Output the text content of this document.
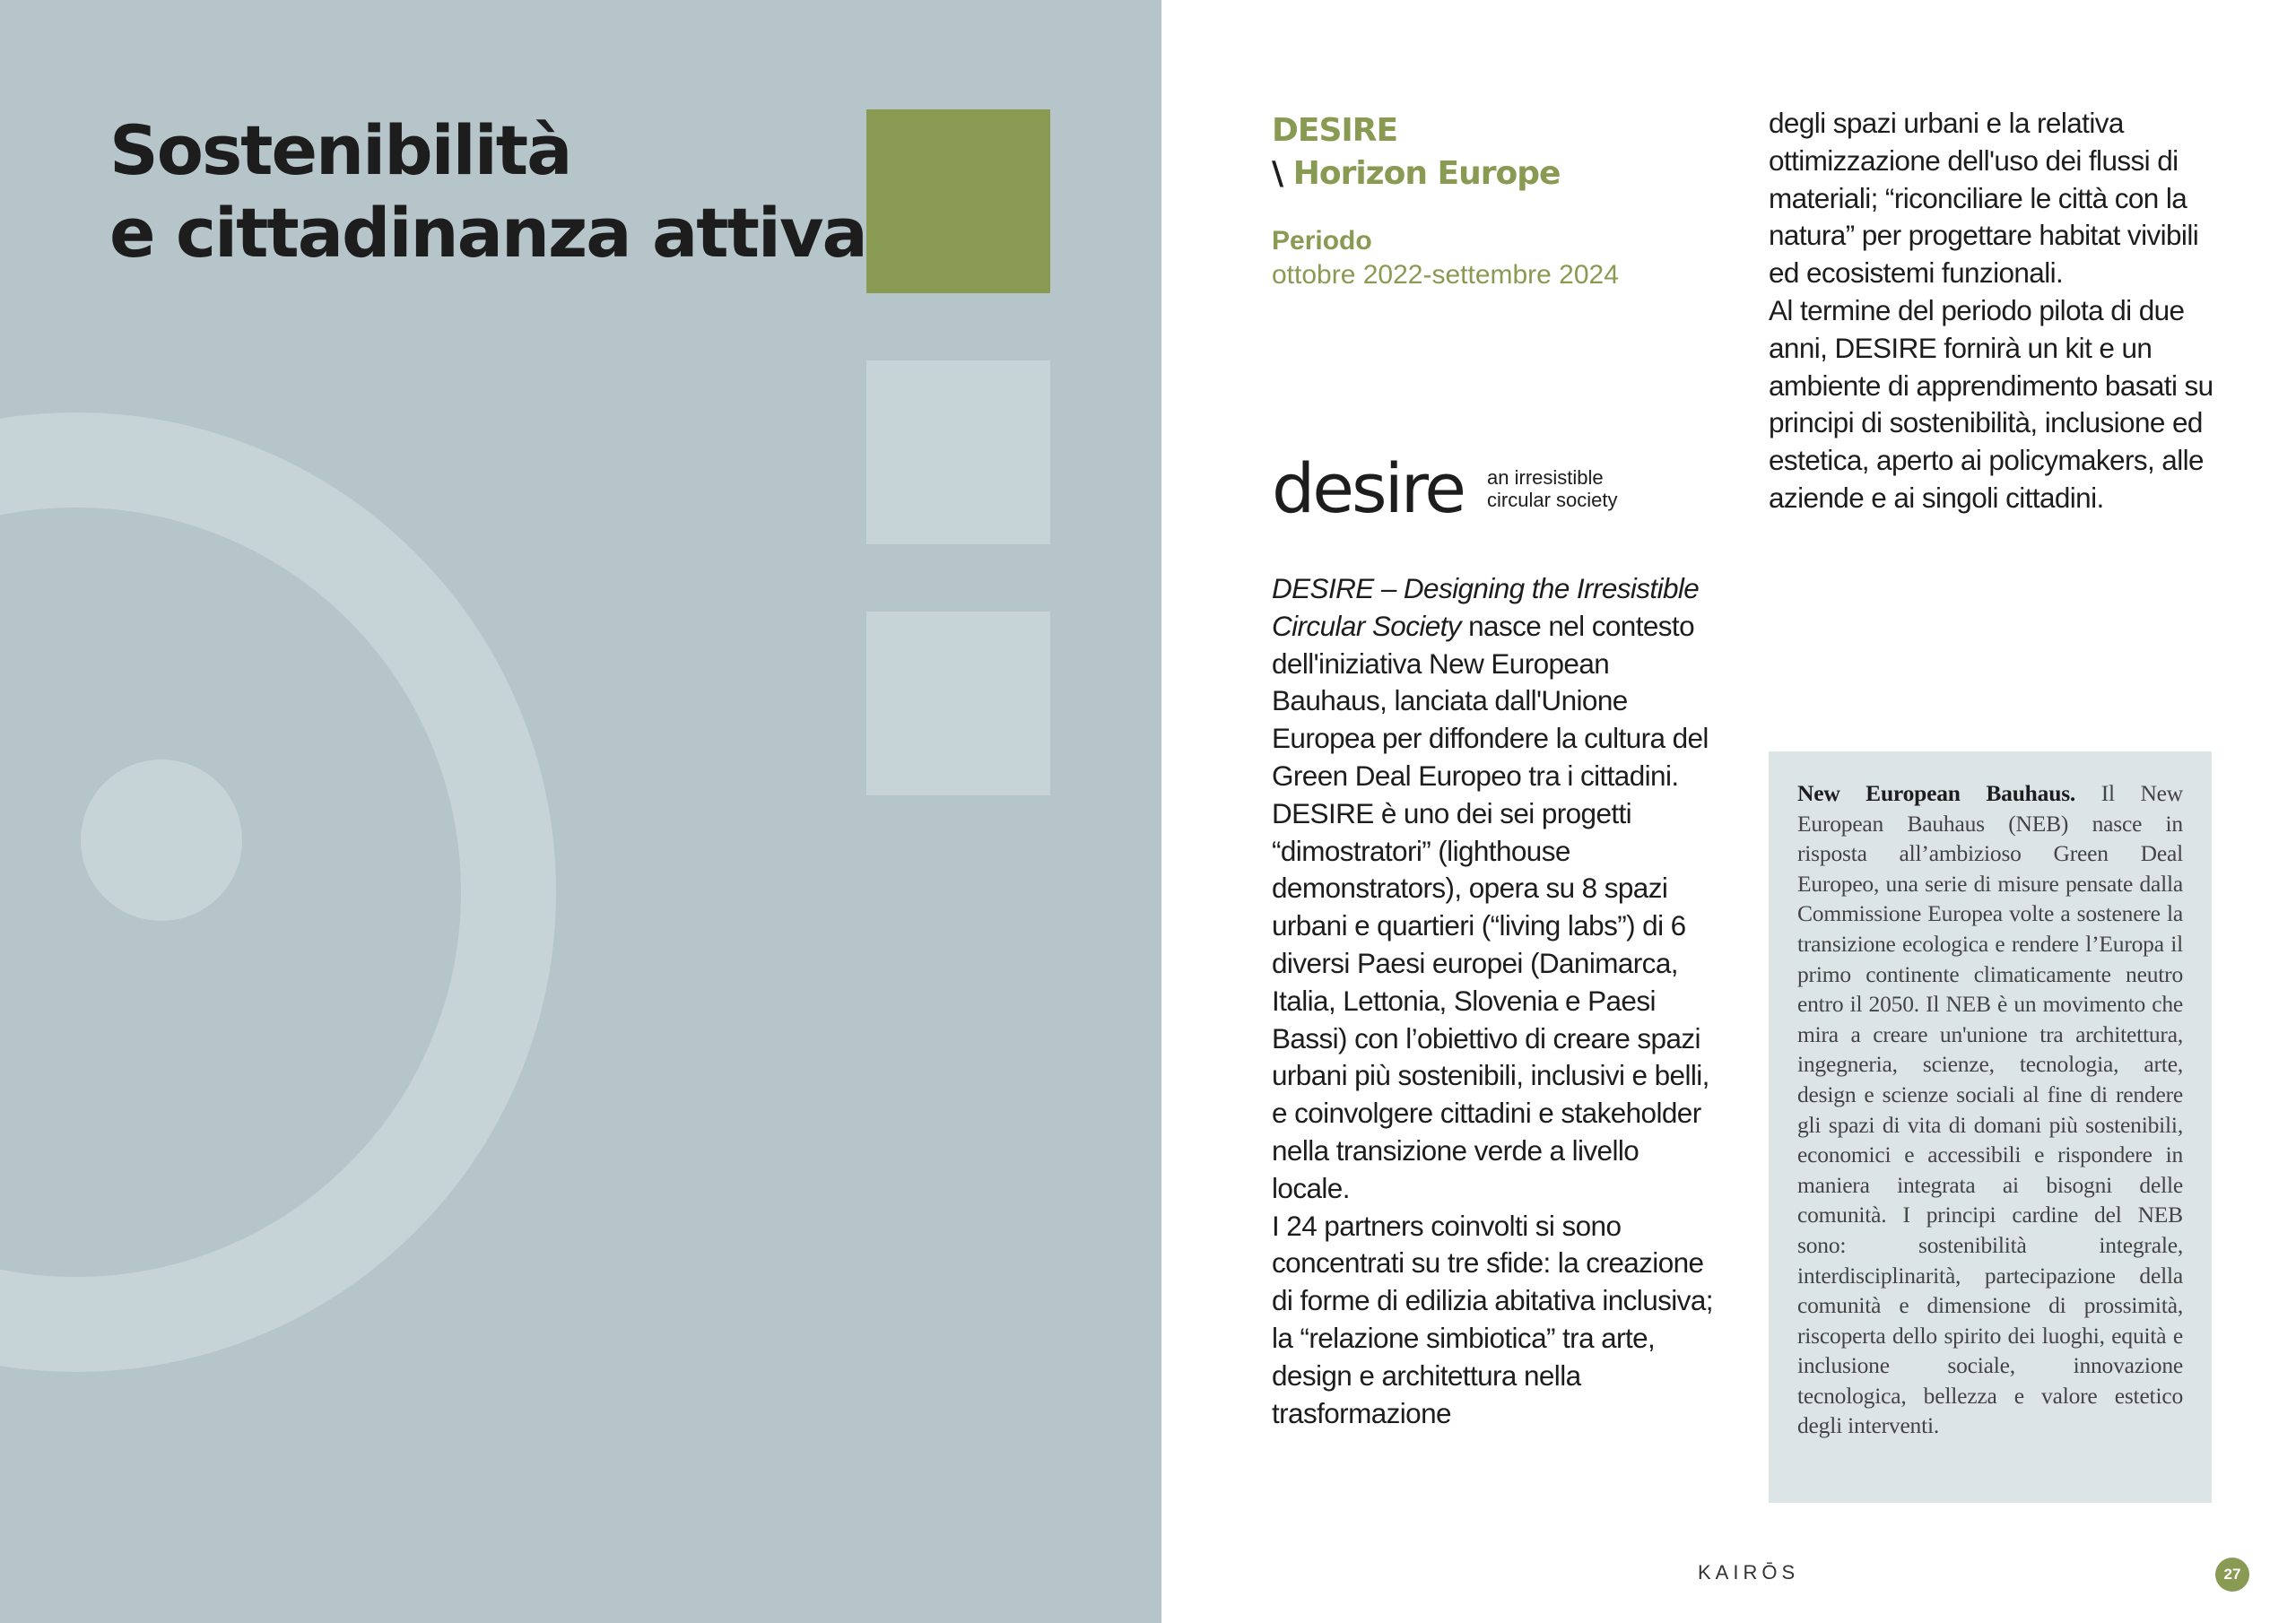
Sostenibilità
e cittadinanza attiva
DESIRE
\ Horizon Europe
Periodo
ottobre 2022-settembre 2024
desire an irresistible
circular society

DESIRE – Designing the Irresistible Circular Society nasce nel contesto dell'iniziativa New European Bauhaus, lanciata dall'Unione Europea per diffondere la cultura del Green Deal Europeo tra i cittadini.

DESIRE è uno dei sei progetti “dimostratori” (lighthouse demonstrators), opera su 8 spazi urbani e quartieri (“living labs”) di 6 diversi Paesi europei (Danimarca, Italia, Lettonia, Slovenia e Paesi Bassi) con l’obiettivo di creare spazi urbani più sostenibili, inclusivi e belli, e coinvolgere cittadini e stakeholder nella transizione verde a livello locale.

I 24 partners coinvolti si sono concentrati su tre sfide: la creazione di forme di edilizia abitativa inclusiva; la “relazione simbiotica” tra arte, design e architettura nella trasformazione

degli spazi urbani e la relativa ottimizzazione dell'uso dei flussi di materiali; “riconciliare le città con la natura” per progettare habitat vivibili ed ecosistemi funzionali.

Al termine del periodo pilota di due anni, DESIRE fornirà un kit e un ambiente di apprendimento basati su principi di sostenibilità, inclusione ed estetica, aperto ai policymakers, alle aziende e ai singoli cittadini.

New European Bauhaus. Il New European Bauhaus (NEB) nasce in risposta all’ambizioso Green Deal Europeo, una serie di misure pensate dalla Commissione Europea volte a sostenere la transizione ecologica e rendere l’Europa il primo continente climaticamente neutro entro il 2050. Il NEB è un movimento che mira a creare un'unione tra architettura, ingegneria, scienze, tecnologia, arte, design e scienze sociali al fine di rendere gli spazi di vita di domani più sostenibili, economici e accessibili e rispondere in maniera integrata ai bisogni delle comunità. I principi cardine del NEB sono: sostenibilità integrale, interdisciplinarità, partecipazione della comunità e dimensione di prossimità, riscoperta dello spirito dei luoghi, equità e inclusione sociale, innovazione tecnologica, bellezza e valore estetico degli interventi.

KAIRŌS	27
